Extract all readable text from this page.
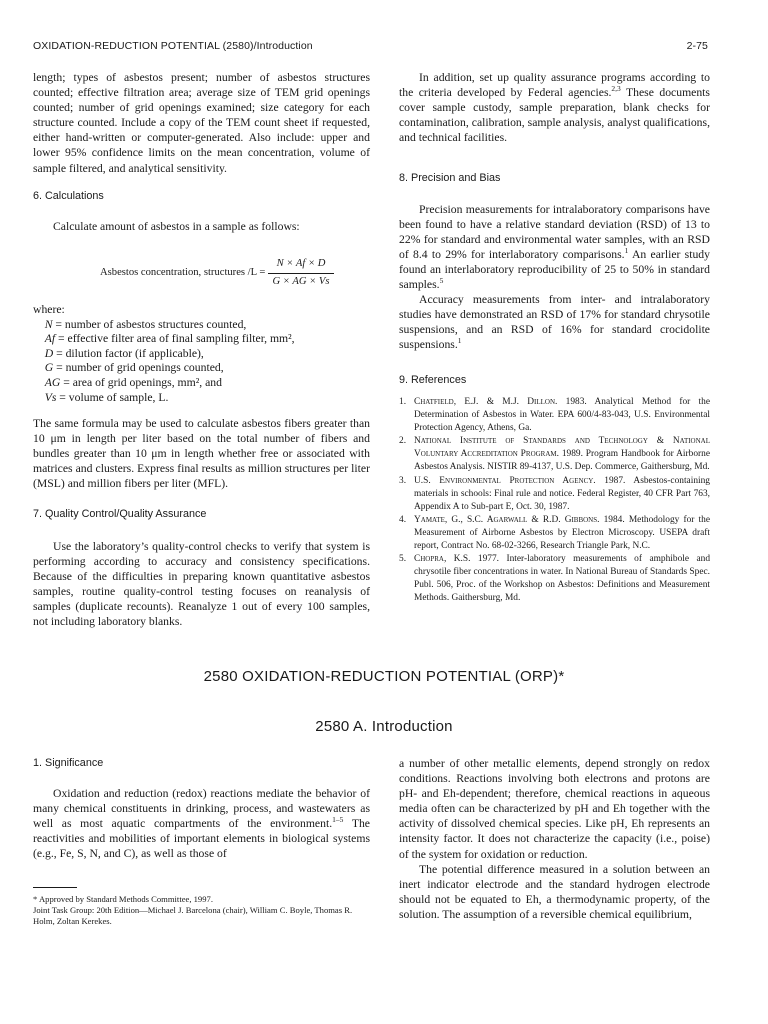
OXIDATION-REDUCTION POTENTIAL (2580)/Introduction	2-75

length; types of asbestos present; number of asbestos structures counted; effective filtration area; average size of TEM grid openings counted; number of grid openings examined; size category for each structure counted. Include a copy of the TEM count sheet if requested, either hand-written or computer-generated. Also include: upper and lower 95% confidence limits on the mean concentration, volume of sample filtered, and analytical sensitivity.

6. Calculations

Calculate amount of asbestos in a sample as follows:

Asbestos concentration, structures /L =
N × Af × D
G × AG × Vs
where:
N = number of asbestos structures counted,
Af = effective filter area of final sampling filter, mm²,
D = dilution factor (if applicable),
G = number of grid openings counted,
AG = area of grid openings, mm², and
Vs = volume of sample, L.

The same formula may be used to calculate asbestos fibers greater than 10 μm in length per liter based on the total number of fibers and bundles greater than 10 μm in length whether free or associated with matrices and clusters. Express final results as million structures per liter (MSL) and million fibers per liter (MFL).

7. Quality Control/Quality Assurance

Use the laboratory’s quality-control checks to verify that system is performing according to accuracy and consistency specifications. Because of the difficulties in preparing known quantitative asbestos samples, routine quality-control testing focuses on reanalysis of samples (duplicate recounts). Reanalyze 1 out of every 100 samples, not including laboratory blanks.

In addition, set up quality assurance programs according to the criteria developed by Federal agencies.$^{2,3}$ These documents cover sample custody, sample preparation, blank checks for contamination, calibration, sample analysis, analyst qualifications, and technical facilities.

8. Precision and Bias

Precision measurements for intralaboratory comparisons have been found to have a relative standard deviation (RSD) of 13 to 22% for standard and environmental water samples, with an RSD of 8.4 to 29% for interlaboratory comparisons.$^1$ An earlier study found an interlaboratory reproducibility of 25 to 50% in standard samples.$^5$

Accuracy measurements from inter- and intralaboratory studies have demonstrated an RSD of 17% for standard chrysotile suspensions, and an RSD of 16% for standard crocidolite suspensions.$^1$

9. References

1. Chatfield, E.J. & M.J. Dillon. 1983. Analytical Method for the Determination of Asbestos in Water. EPA 600/4-83-043, U.S. Environmental Protection Agency, Athens, Ga.
2. National Institute of Standards and Technology & National Voluntary Accreditation Program. 1989. Program Handbook for Airborne Asbestos Analysis. NISTIR 89-4137, U.S. Dep. Commerce, Gaithersburg, Md.
3. U.S. Environmental Protection Agency. 1987. Asbestos-containing materials in schools: Final rule and notice. Federal Register, 40 CFR Part 763, Appendix A to Sub-part E, Oct. 30, 1987.
4. Yamate, G., S.C. Agarwall & R.D. Gibbons. 1984. Methodology for the Measurement of Airborne Asbestos by Electron Microscopy. USEPA draft report, Contract No. 68-02-3266, Research Triangle Park, N.C.
5. Chopra, K.S. 1977. Inter-laboratory measurements of amphibole and chrysotile fiber concentrations in water. In National Bureau of Standards Spec. Publ. 506, Proc. of the Workshop on Asbestos: Definitions and Measurement Methods. Gaithersburg, Md.
2580 OXIDATION-REDUCTION POTENTIAL (ORP)*
2580 A. Introduction

1. Significance

Oxidation and reduction (redox) reactions mediate the behavior of many chemical constituents in drinking, process, and wastewaters as well as most aquatic compartments of the environment.$^{1-5}$ The reactivities and mobilities of important elements in biological systems (e.g., Fe, S, N, and C), as well as those of

a number of other metallic elements, depend strongly on redox conditions. Reactions involving both electrons and protons are pH- and Eh-dependent; therefore, chemical reactions in aqueous media often can be characterized by pH and Eh together with the activity of dissolved chemical species. Like pH, Eh represents an intensity factor. It does not characterize the capacity (i.e., poise) of the system for oxidation or reduction.

The potential difference measured in a solution between an inert indicator electrode and the standard hydrogen electrode should not be equated to Eh, a thermodynamic property, of the solution. The assumption of a reversible chemical equilibrium,

* Approved by Standard Methods Committee, 1997.

Joint Task Group: 20th Edition—Michael J. Barcelona (chair), William C. Boyle, Thomas R. Holm, Zoltan Kerekes.
